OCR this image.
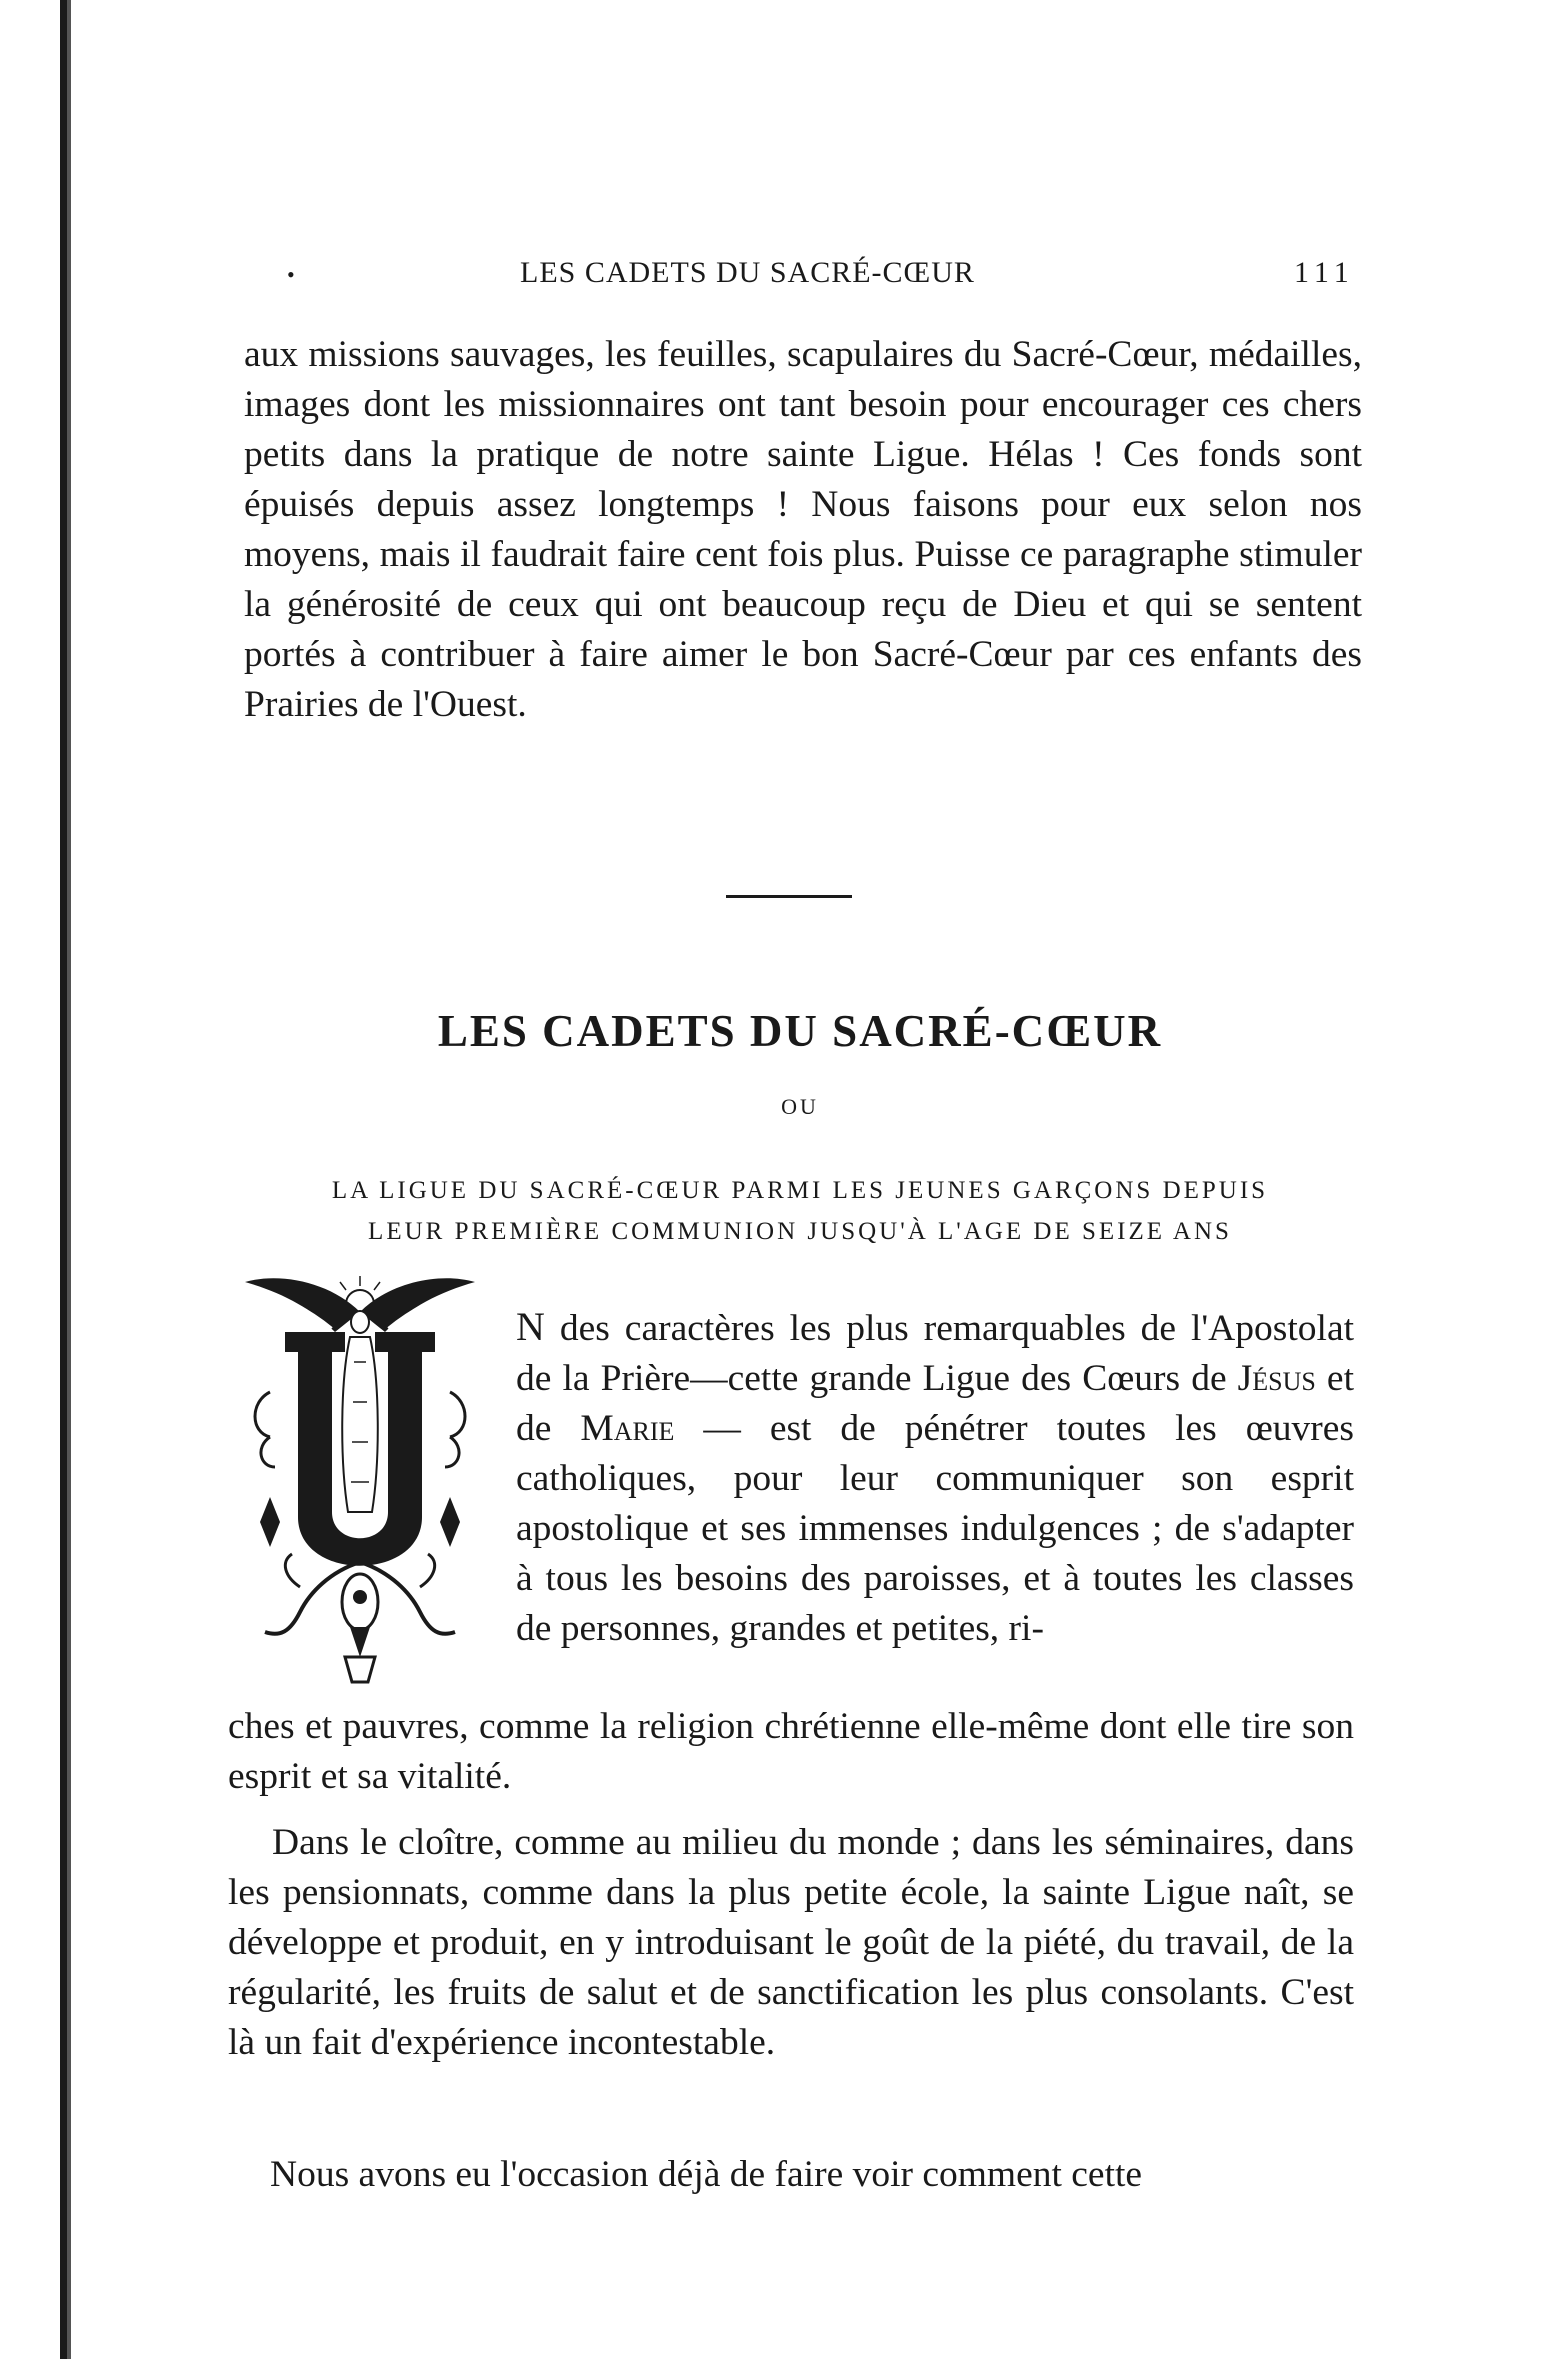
•	LES CADETS DU SACRÉ-CŒUR	111
aux missions sauvages, les feuilles, scapulaires du Sacré-Cœur, médailles, images dont les missionnaires ont tant besoin pour encourager ces chers petits dans la pratique de notre sainte Ligue. Hélas ! Ces fonds sont épuisés depuis assez longtemps ! Nous faisons pour eux selon nos moyens, mais il faudrait faire cent fois plus. Puisse ce paragraphe stimuler la générosité de ceux qui ont beaucoup reçu de Dieu et qui se sentent portés à contribuer à faire aimer le bon Sacré-Cœur par ces enfants des Prairies de l'Ouest.
LES CADETS DU SACRÉ-CŒUR
OU
LA LIGUE DU SACRÉ-CŒUR PARMI LES JEUNES GARÇONS DEPUIS
LEUR PREMIÈRE COMMUNION JUSQU'À L'AGE DE SEIZE ANS
N des caractères les plus remarquables de l'Apostolat de la Prière—cette grande Ligue des Cœurs de Jésus et de Marie — est de pénétrer toutes les œuvres catholiques, pour leur communiquer son esprit apostolique et ses immenses indulgences ; de s'adapter à tous les besoins des paroisses, et à toutes les classes de personnes, grandes et petites, ri-
ches et pauvres, comme la religion chrétienne elle-même dont elle tire son esprit et sa vitalité.
Dans le cloître, comme au milieu du monde ; dans les séminaires, dans les pensionnats, comme dans la plus petite école, la sainte Ligue naît, se développe et produit, en y introduisant le goût de la piété, du travail, de la régularité, les fruits de salut et de sanctification les plus consolants. C'est là un fait d'expérience incontestable.
Nous avons eu l'occasion déjà de faire voir comment cette
